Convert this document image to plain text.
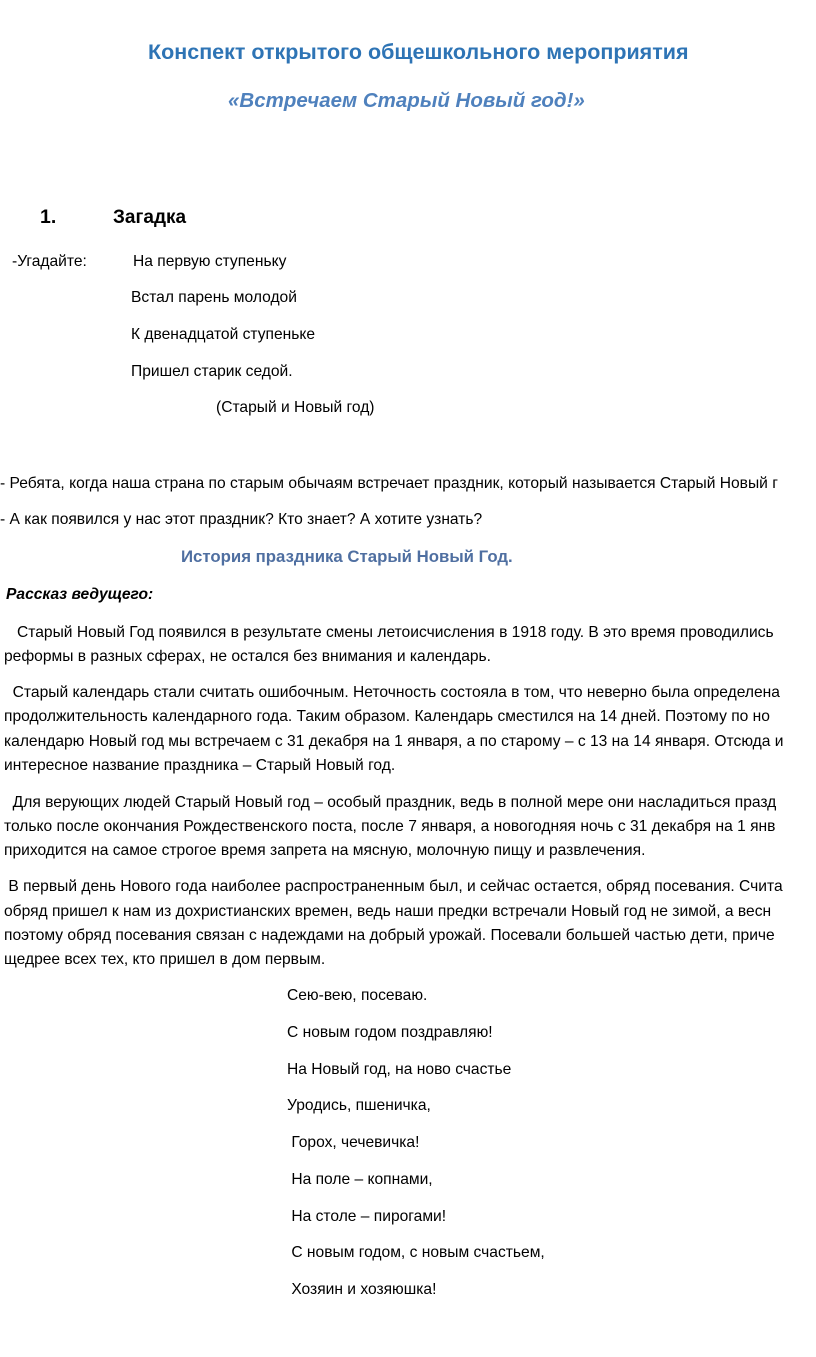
Конспект открытого общешкольного мероприятия
«Встречаем Старый Новый год!»
1.	Загадка
-Угадайте:	На первую ступеньку
Встал парень молодой
К двенадцатой ступеньке
Пришел старик седой.
(Старый и Новый год)
- Ребята, когда наша страна по старым обычаям встречает праздник, который называется Старый Новый г
- А как появился у нас этот праздник? Кто знает? А хотите узнать?
История праздника Старый Новый Год.
Рассказ ведущего:
Старый Новый Год появился в результате смены летоисчисления в 1918 году. В это время проводились
реформы в разных сферах, не остался без внимания и календарь.
Старый календарь стали считать ошибочным. Неточность состояла в том, что неверно была определена
продолжительность календарного года. Таким образом. Календарь сместился на 14 дней. Поэтому по но
календарю Новый год мы встречаем с 31 декабря на 1 января, а по старому – с 13 на 14 января. Отсюда и
интересное название праздника – Старый Новый год.
Для верующих людей Старый Новый год – особый праздник, ведь в полной мере они насладиться празд
только после окончания Рождественского поста, после 7 января, а новогодняя ночь с 31 декабря на 1 янв
приходится на самое строгое время запрета на мясную, молочную пищу и развлечения.
В первый день Нового года наиболее распространенным был, и сейчас остается, обряд посевания. Счита
обряд пришел к нам из дохристианских времен, ведь наши предки встречали Новый год не зимой, а весн
поэтому обряд посевания связан с надеждами на добрый урожай. Посевали большей частью дети, приче
щедрее всех тех, кто пришел в дом первым.
Сею-вею, посеваю.
С новым годом поздравляю!
На Новый год, на ново счастье
Уродись, пшеничка,
Горох, чечевичка!
На поле – копнами,
На столе – пирогами!
С новым годом, с новым счастьем,
Хозяин и хозяюшка!
